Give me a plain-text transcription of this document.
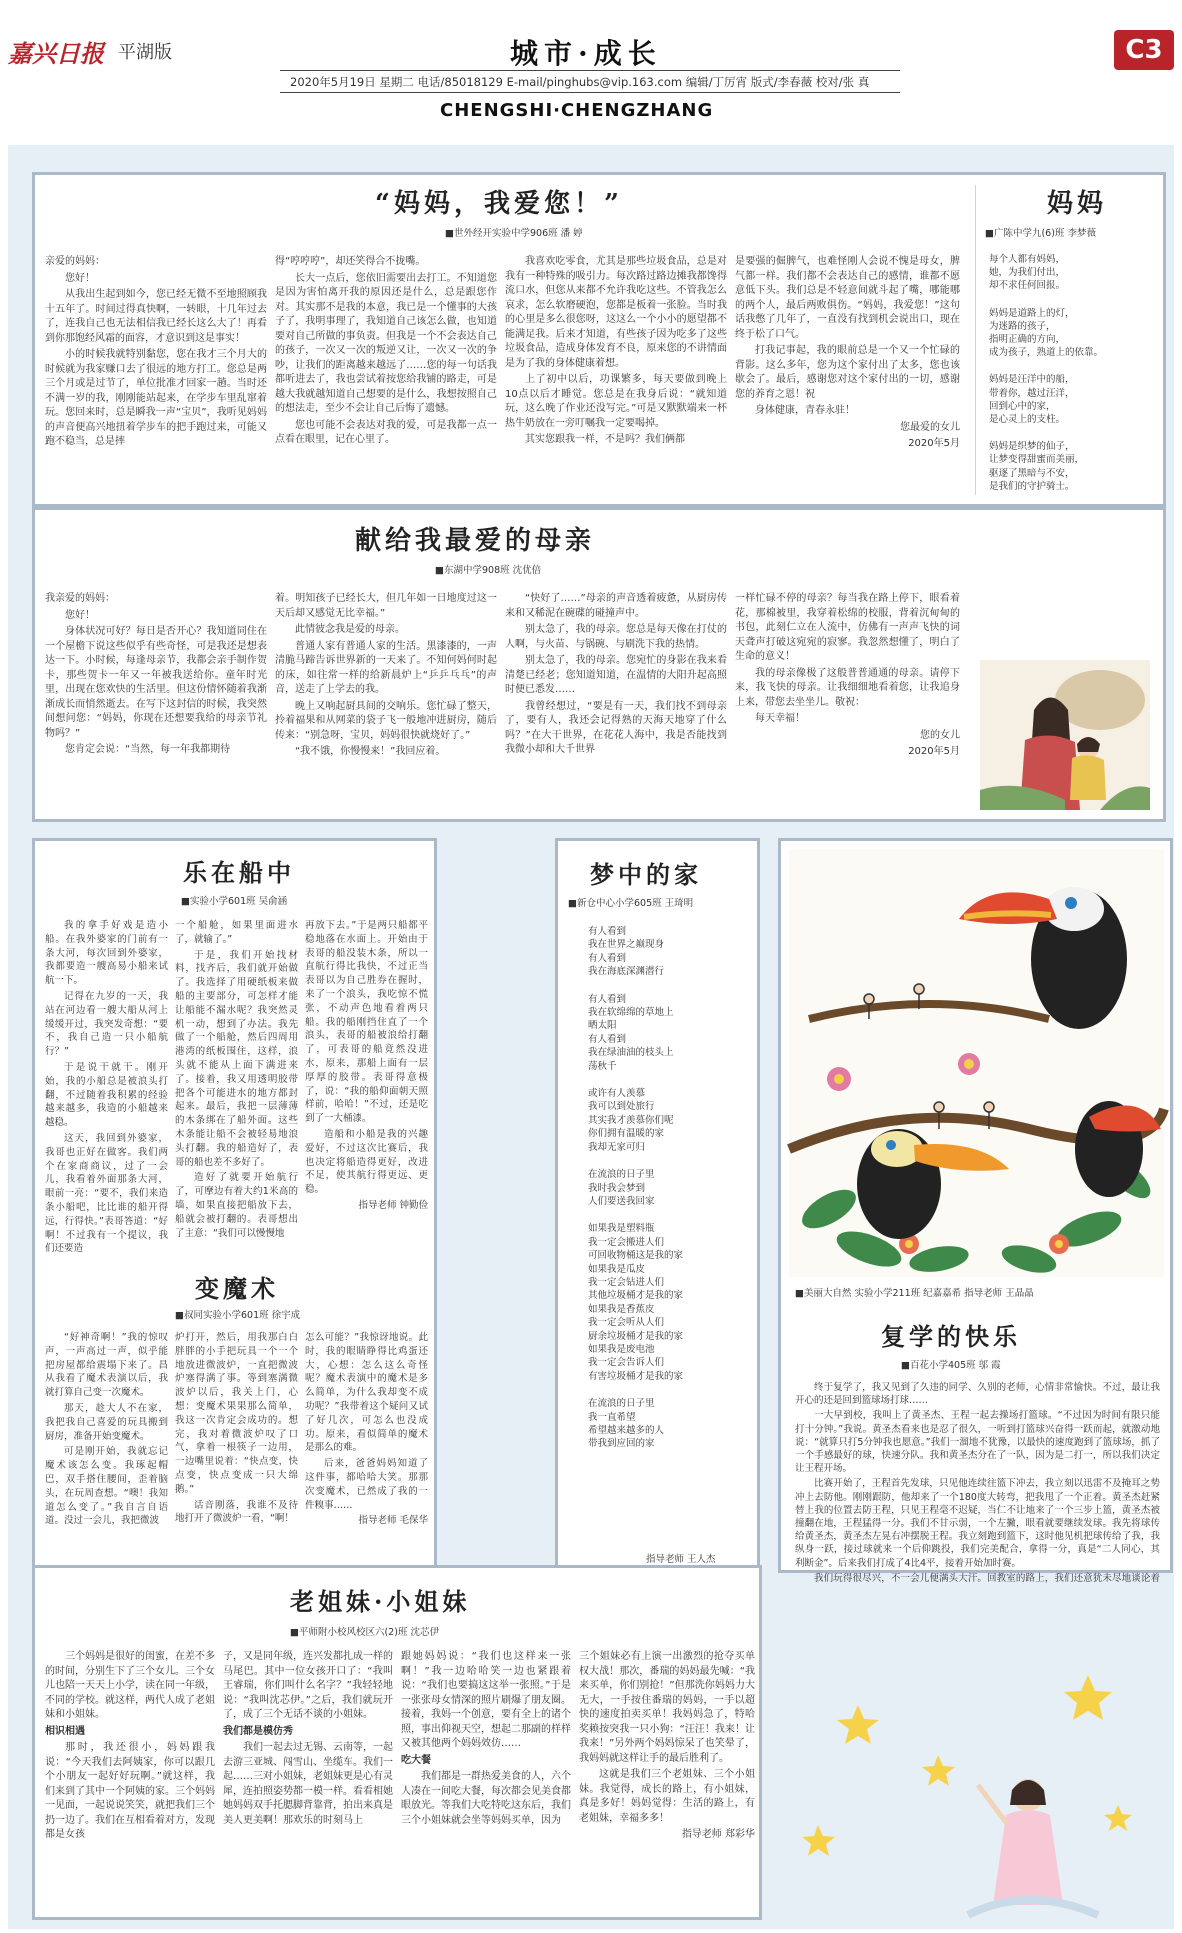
嘉兴日报 平湖版	城市·成长
2020年5月19日 星期二 电话/85018129 E-mail/pinghubs@vip.163.com 编辑/丁厉宵 版式/李春薇 校对/张 真
CHENGSHI·CHENGZHANG
C3
“妈妈，我爱您！”
■世外经开实验中学906班 潘 婷

亲爱的妈妈：

您好！

从我出生起到如今，您已经无微不至地照顾我十五年了。时间过得真快啊，一转眼，十几年过去了，连我自己也无法相信我已经长这么大了！再看到你那饱经风霜的面容，才意识到这是事实！

小的时候我就特别黏您，您在我才三个月大的时候就为我家赚口去了很远的地方打工。您总是两三个月或是过节了，单位批准才回家一趟。当时还不满一岁的我，刚刚能站起来，在学步车里乱窜着玩。您回来时，总是瞬我一声“宝贝”，我听见妈妈的声音便高兴地扭着学步车的把手跑过来，可能又跑不稳当，总是摔

得“哼哼哼”，却还笑得合不拢嘴。

长大一点后，您依旧需要出去打工。不知道您是因为害怕离开我的原因还是什么，总是跟您作对。其实那不是我的本意，我已是一个懂事的大孩子了，我明事理了，我知道自己该怎么做，也知道要对自己所做的事负责。但我是一个不会表达自己的孩子，一次又一次的叛逆又让，一次又一次的争吵，让我们的距离越来越远了……您的每一句话我都听进去了，我也尝试着按您给我铺的路走，可是越大我就越知道自己想要的是什么，我想按照自己的想法走，至少不会让自己后悔了遗憾。

您也可能不会表达对我的爱，可是我都一点一点看在眼里，记在心里了。

我喜欢吃零食，尤其是那些垃圾食品，总是对我有一种特殊的吸引力。每次路过路边摊我都馋得流口水，但您从来都不允许我吃这些。不管我怎么哀求，怎么软磨硬泡，您都是板着一张脸。当时我的心里是多么很您呀，这这么一个小小的愿望都不能满足我。后来才知道，有些孩子因为吃多了这些垃圾食品，造成身体发育不良，原来您的不讲情面是为了我的身体健康着想。

上了初中以后，功课繁多，每天要做到晚上10点以后才睡觉。您总是在我身后说：“就知道玩，这么晚了作业还没写完。”可是又默默端来一杯热牛奶放在一旁叮嘱我一定要喝掉。

其实您跟我一样，不是吗？我们俩都

是要强的倔脾气，也难怪刚人会说不愧是母女，脾气都一样。我们都不会表达自己的感情，谁都不愿意低下头。我们总是不轻意间就斗起了嘴，哪能哪的两个人，最后两败俱伤。“妈妈，我爱您！”这句话我憋了几年了，一直没有找到机会说出口，现在终于松了口气。

打我记事起，我的眼前总是一个又一个忙碌的背影。这么多年，您为这个家付出了太多，您也该歇会了。最后，感谢您对这个家付出的一切，感谢您的养育之恩！祝

身体健康，青春永驻！

您最爱的女儿

2020年5月

妈妈
■广陈中学九(6)班 李梦薇
每个人都有妈妈，
她，为我们付出，
却不求任何回报。
妈妈是道路上的灯，
为迷路的孩子，
指明正确的方向，
成为孩子，熟道上的依靠。
妈妈是汪洋中的船，
带着你，越过汪洋，
回到心中的家，
是心灵上的支柱。
妈妈是织梦的仙子，
让梦变得甜蜜而美丽，
驱逐了黑暗与不安，
是我们的守护骑士。
献给我最爱的母亲
■东湖中学908班 沈优倍

我亲爱的妈妈：

您好！

身体状况可好？每日是否开心？我知道同住在一个屋檐下说这些似乎有些奇怪，可是我还是想表达一下。小时候，每逢母亲节，我都会亲手制作贺卡，那些贺卡一年又一年被我送给你。童年时光里，出现在您欢快的生活里。但这份情怀随着我渐渐成长而悄然逝去。在写下这封信的时候，我突然间想问您：“妈妈，你现在还想要我给的母亲节礼物吗？”

您肯定会说：“当然，每一年我都期待

着。明知孩子已经长大，但几年如一日地度过这一天后却又感觉无比幸福。”

此情彼念我是爱的母亲。

普通人家有普通人家的生活。黑漆漆的，一声清脆马蹄告诉世界新的一天来了。不知何妈何时起的床，如往常一样的给新晨炉上“乒乒乓乓”的声音，送走了上学去的我。

晚上又响起厨具间的交响乐。您忙碌了整天，拎着福果和从网菜的袋子飞一般地冲进厨房，随后传来：“别急呀，宝贝，妈妈很快就烧好了。”

“我不饿，你慢慢来！”我回应着。

“快好了……”母亲的声音透着疲惫，从厨房传来和又稀泥在碗碟的碰撞声中。

别太急了，我的母亲。您总是每天像在打仗的人啊，与火苗、与锅碗、与刷洗下我的热情。

别太急了，我的母亲。您宛忙的身影在我来看清楚已经老；您知道知道，在温情的大阳升起高照时便已悉发……

我曾经想过，“要是有一天，我们找不到母亲了，要有人，我还会记得熟的天海天地穿了什么吗？”在大干世界，在花花人海中，我是否能找到我微小却和大千世界

一样忙碌不停的母亲？每当我在路上停下，眼看着花，那棉被里，我穿着松绵的校服，背着沉甸甸的书包，此刻仁立在人流中，仿佛有一声声飞快的词天聋声打破这宛宛的寂寥。我忽然想懂了，明白了生命的意义！

我的母亲像极了这般普普通通的母亲。请停下来，我飞快的母亲。让我细细地看着您，让我追身上来，带您去坐坐儿。敬祝：

每天幸福！

您的女儿

2020年5月

乐在船中
■实验小学601班 吴俞涵

我的拿手好戏是造小船。在我外婆家的门前有一条大河，每次回到外婆家，我都要造一艘高易小船来试航一下。

记得在九岁的一天，我站在河边看一艘大船从河上缓缓开过，我突发奇想：“要不，我自己造一只小船航行？”

于是说干就干。刚开始，我的小船总是被浪头打翻，不过随着我积累的经验越来越多，我造的小船越来越稳。

这天，我回到外婆家，我哥也正好在做客。我们两个在家商商议，过了一会儿，我看着外面那条大河，眼前一亮：“要不，我们来造条小船吧，比比谁的船开得远，行得快。”表哥答道：“好啊！不过我有一个提议，我们还要造

一个船舱，如果里面进水了，就输了。”

于是，我们开始找材料，找齐后，我们就开始做了。我选择了用硬纸板来做船的主要部分，可怎样才能让船能不漏水呢？我突然灵机一动，想到了办法。我先做了一个船舱，然后四周用港湾的纸板围住，这样，浪头就不能从上面下满进来了。接着，我又用透明胶带把各个可能进水的地方都封起来。最后，我把一层薄薄的木条绑在了船外面。这些木条能让船不会被轻易地浪头打翻。我的船造好了，表哥的船也差不多好了。

造好了就要开始航行了，可摩边有着大约1米高的墙，如果直接把船放下去，船就会被打翻的。表哥想出了主意：“我们可以慢慢地

再放下去。”于是两只船都平稳地落在水面上。开始由于表哥的船没装木条，所以一直航行得比我快，不过正当表哥以为自己胜券在握时，来了一个浪头，我吃惊不慌张，不动声色地看着两只船。我的船刚挡住直了一个浪头，表哥的船被浪给打翻了，可表哥的船竟然没进水，原来，那船上面有一层厚厚的胶带。表哥得意极了，说：“我的船仰面朝天照样前，哈哈！”不过，还是吃到了一大桶漆。

造船和小船是我的兴趣爱好，不过这次比赛后，我也决定将船造得更好，改进不足，使其航行得更远、更稳。

指导老师 钟勤俭

变魔术
■叔同实验小学601班 徐宇成

“好神奇啊！”我的惊叹声，一声高过一声，似乎能把房屋都给震塌下来了。昌从我看了魔术表演以后，我就打算自己变一次魔术。

那天，趁大人不在家，我把我自己喜爱的玩具搬到厨房，准备开始变魔术。

可是刚开始，我就忘记魔术该怎么变。我琢起帽巴，双手搭住腰间，歪着脑头，在玩周查想。“噢！我知道怎么变了。”我自言自语道。没过一会儿，我把微波

炉打开，然后，用我那白白胖胖的小手把玩具一个一个地放进微波炉，一直把微波炉塞得满了事。等到塞满微波炉以后，我关上门，心想：变魔术果果那么简单，我这一次肯定会成功的。想完，我对着微波炉叹了口气，拿着一根筷子一边用，一边嘴里说着：“快点变，快点变，快点变成一只大绵鹅。”

话音刚落，我谁不及待地打开了微波炉一看，“啊！

怎么可能？”我惊讶地说。此时，我的眼睛睁得比鸡蛋还大，心想：怎么这么奇怪呢？魔术表演中的魔术是多么简单，为什么我却变不成功呢？”我带着这个疑问又试了好几次，可怎么也没成功。原来，看似简单的魔术是那么的难。

后来，爸爸妈妈知道了这件事，都哈哈大笑。那那次变魔术，已然成了我的一件糗事……

指导老师 毛保华

梦中的家
■新仓中心小学605班 王琦明
有人看到
我在世界之巅现身
有人看到
我在海底深渊潜行
有人看到
我在软绵绵的草地上
晒太阳
有人看到
我在绿油油的枝头上
荡秋千
或许有人羡慕
我可以到处旅行
其实我才羡慕你们呢
你们拥有温暖的家
我却无家可归
在流浪的日子里
我时我会梦到
人们要送我回家
如果我是塑料瓶
我一定会搬进人们
可回收物桶这是我的家
如果我是瓜皮
我一定会钻进人们
其他垃圾桶才是我的家
如果我是香蕉皮
我一定会听从人们
厨余垃圾桶才是我的家
如果我是废电池
我一定会告诉人们
有害垃圾桶才是我的家
在流浪的日子里
我一直希望
希望越来越多的人
带我到应回的家
指导老师 王人杰
■美丽大自然 实验小学211班 纪嘉嘉希 指导老师 王晶晶
复学的快乐
■百花小学405班 邬 霞

终于复学了，我又见到了久违的同学、久别的老师，心情非常愉快。不过，最让我开心的还是回到篮球场打球……

一大早到校，我叫上了黄圣杰、王程一起去操场打篮球。“不过因为时间有限只能打十分钟。”我说。黄圣杰看来也是忍了很久，一听到打篮球兴奋得一跃而起，就激动地说：“就算只打5分钟我也愿意。”我们一溜地不犹豫，以最快的速度跑到了篮球场，抓了一个手感最好的球，快速分队。我和黄圣杰分在了一队，因为是二打一，所以我们决定让王程开场。

比赛开始了，王程首先发球，只见他连续往篮下冲去，我立刻以迅雷不及掩耳之势冲上去防他。刚刚跟防，他却来了一个180度大转弯，把我甩了一个正着。黄圣杰赶紧替上我的位置去防王程，只见王程毫不迟疑，当仁不让地来了一个三步上篮，黄圣杰被撞翻在地，王程猛得一分。我们不甘示弱，一个左撇，眼看就要继续发球。我先将球传给黄圣杰，黄圣杰左晃右冲摆脱王程。我立刻跑到篮下，这时他见机把球传给了我，我纵身一跃，接过球就来一个后仰跳投，我们完美配合，拿得一分，真是“二人同心，其利断金”。后来我们打成了4比4平，接着开始加时赛。

我们玩得很尽兴，不一会儿便满头大汗。回教室的路上，我们还意犹未尽地谈论着

老姐妹·小姐妹
■平师附小校风校区六(2)班 沈芯伊

三个妈妈是很好的闺蜜，在差不多的时间，分别生下了三个女儿。三个女儿也陪一天天上小学，读在同一年级，不同的学校。就这样，两代人成了老姐妹和小姐妹。

相识相遇

那时，我还很小，妈妈跟我说：“今天我们去阿姨家，你可以跟几个小朋友一起好好玩啊。”就这样，我们来到了其中一个阿姨的家。三个妈妈一见面，一起说说笑笑，就把我们三个扔一边了。我们在互相看着对方，发现都是女孩

子，又是同年级，连兴发都扎成一样的马尾巴。其中一位女孩开口了：“我叫王睿瑞，你们叫什么名字？”我轻轻地说：“我叫沈芯伊。”之后，我们就玩开了，成了三个无话不谈的小姐妹。

我们都是模仿秀

我们一起去过无锡、云南等，一起去游三亚城、闯雪山、坐缆车。我们一起……三对小姐妹，老姐妹更是心有灵犀，连拍照姿势都一模一样。看看相她她妈妈双手托腮脚背靠背，拍出来真是美人更美啊！那欢乐的时刻马上

跟她妈妈说：“我们也这样来一张啊！”我一边哈哈笑一边也紧跟着说：“我们也要搞这这举一张照。”于是一张张母女情深的照片刷爆了朋友圈。接着，我妈一个创意，要有全上的诸个照，事出仰视天空，想起二那副的样样又被其他两个妈妈效仿……

吃大餐

我们都是一群热爱美食的人，六个人凑在一间吃大餐，每次都会见美食都眼放光。等我们大吃特吃这东后，我们三个小姐妹就会坐等妈妈买单，因为

三个姐妹必有上演一出激烈的抢夺买单权大战！那次，番瑞的妈妈最先喊：“我来买单，你们别抢！”但那洗你妈妈力大无大，一手按住番瑞的妈妈，一手以超快的速度拍卖买单！我妈妈急了，特哈奖赖按突我一只小狗：“汪汪！我来！让我来！”另外两个妈妈惊呆了也笑晕了，我妈妈就这样让手的最后胜利了。

这就是我们三个老姐妹、三个小姐妹。我觉得，成长的路上，有小姐妹，真是多好！妈妈觉得：生活的路上，有老姐妹，幸福多多！

指导老师 郑彩华
